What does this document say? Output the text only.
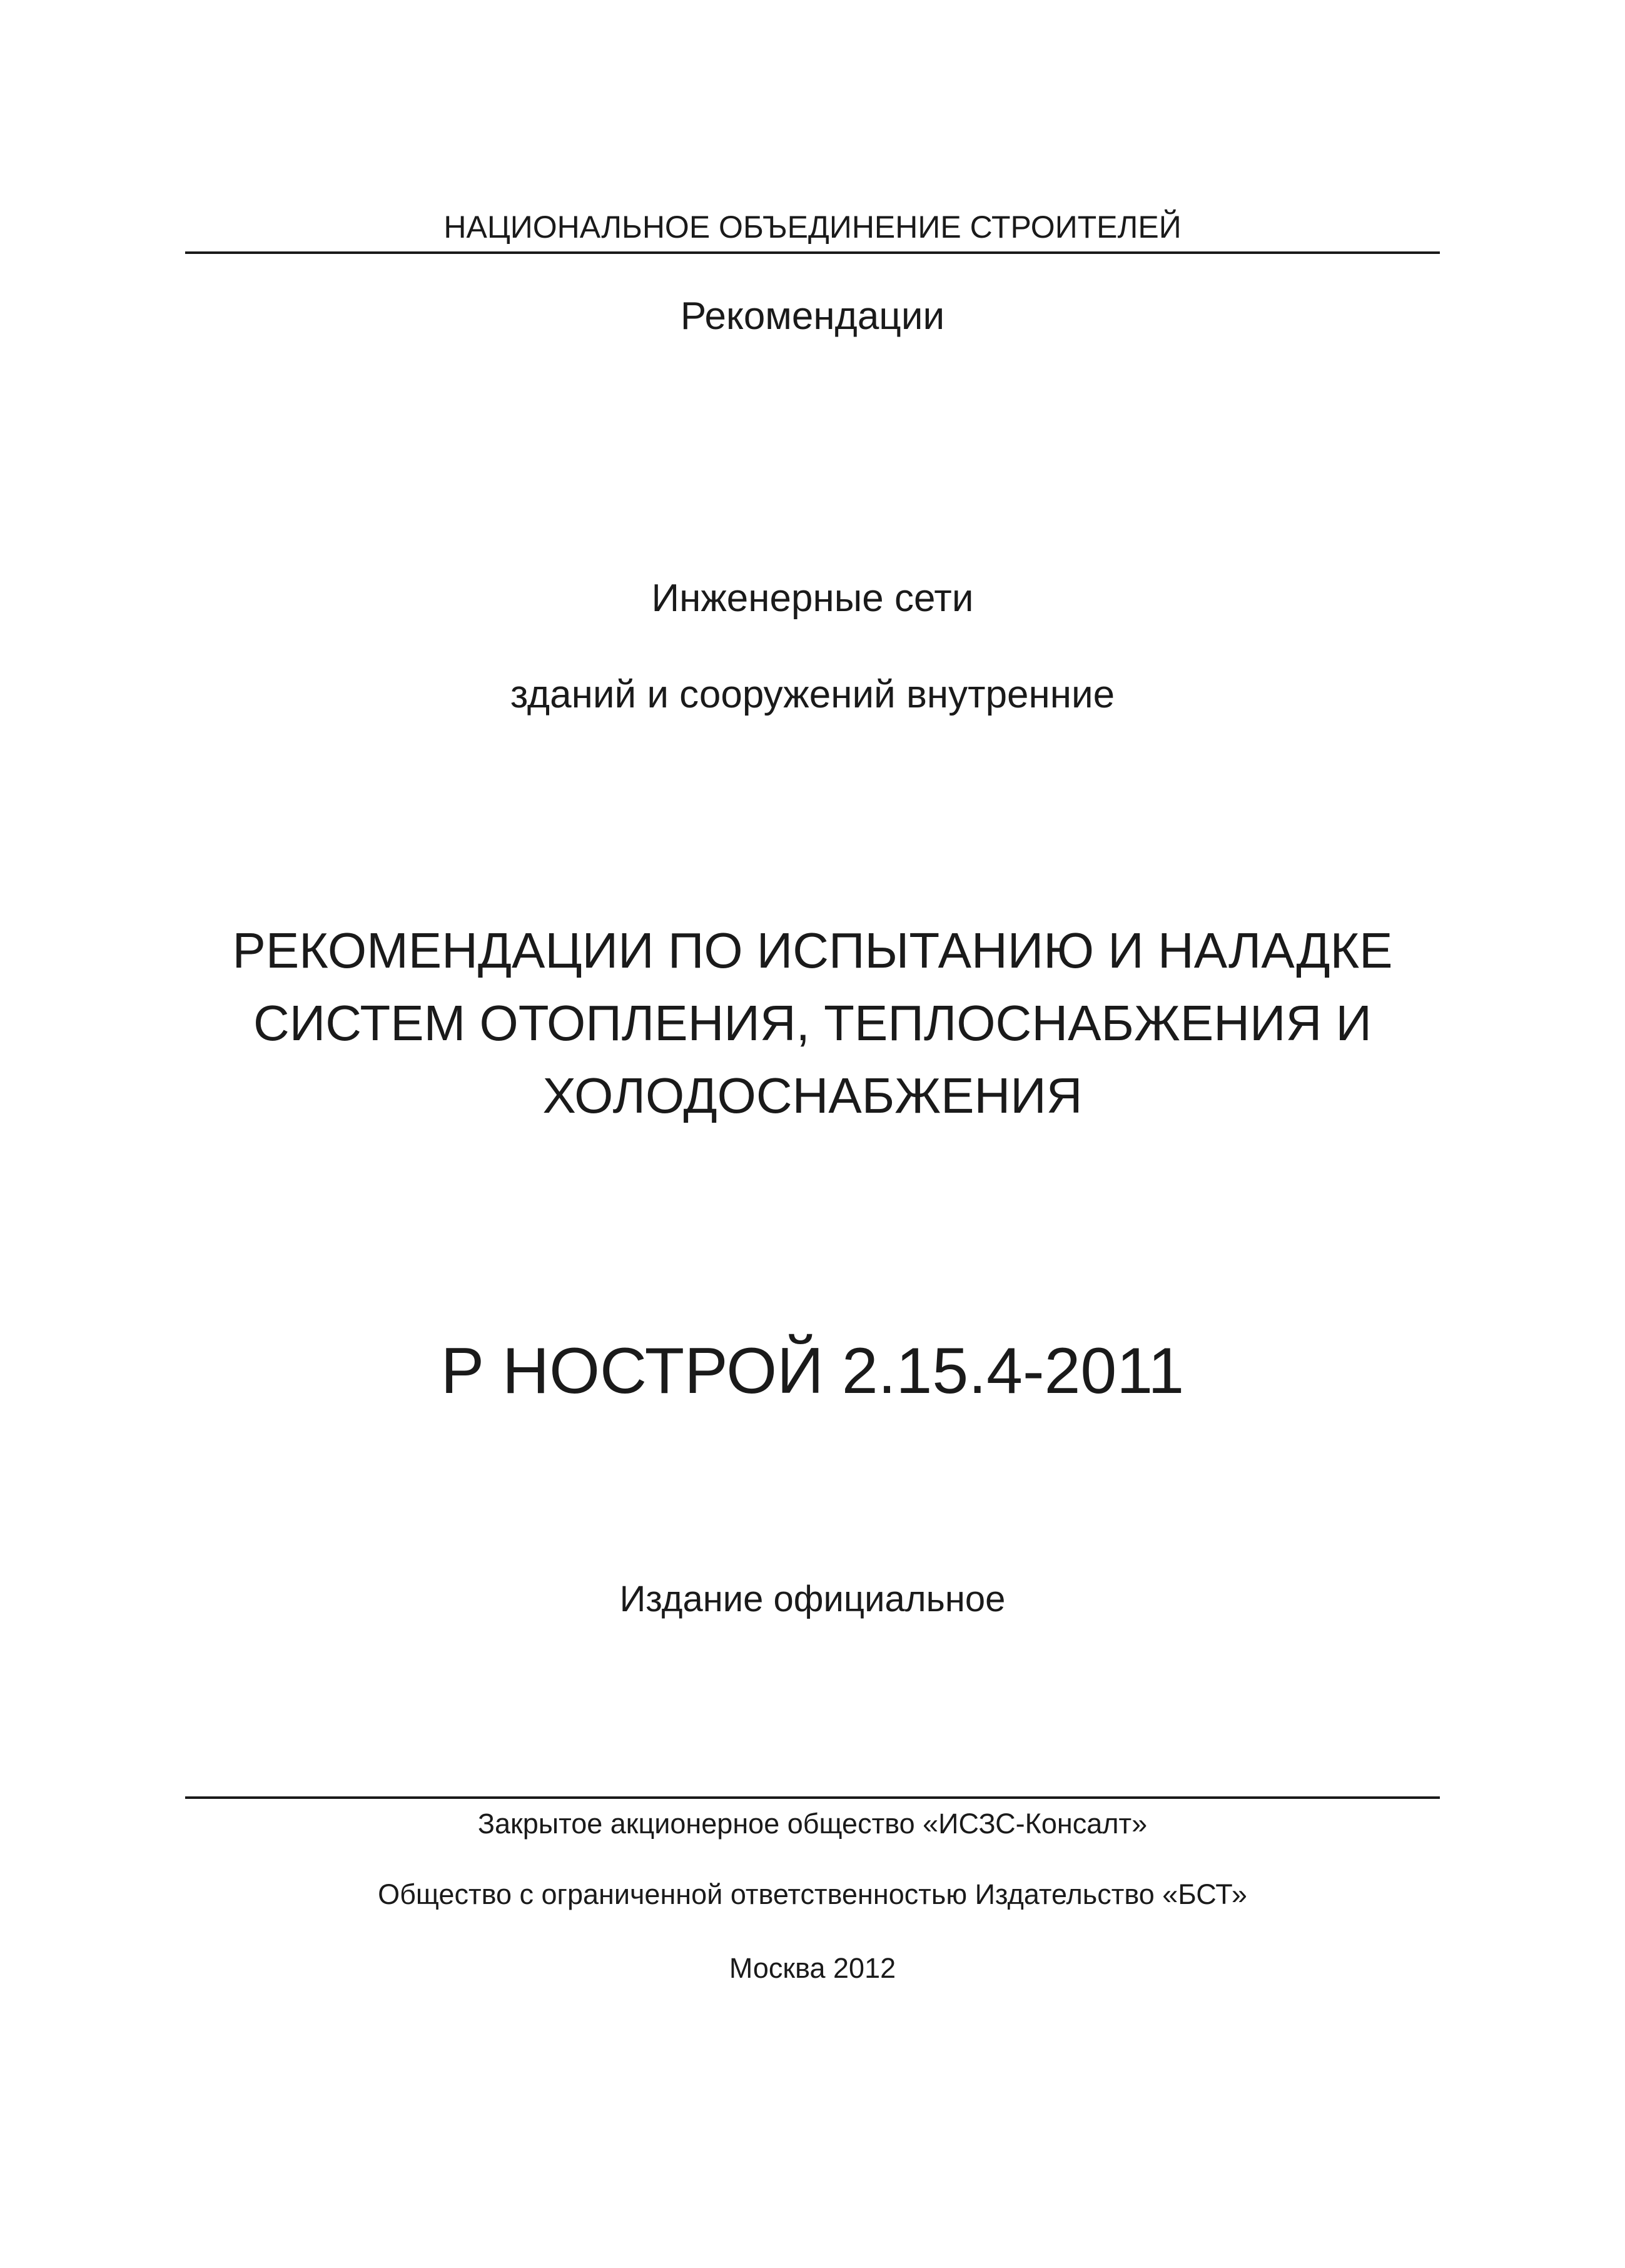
НАЦИОНАЛЬНОЕ ОБЪЕДИНЕНИЕ СТРОИТЕЛЕЙ
Рекомендации
Инженерные сети
зданий и сооружений внутренние
РЕКОМЕНДАЦИИ ПО ИСПЫТАНИЮ И НАЛАДКЕ
СИСТЕМ ОТОПЛЕНИЯ, ТЕПЛОСНАБЖЕНИЯ И
ХОЛОДОСНАБЖЕНИЯ
Р НОСТРОЙ 2.15.4-2011
Издание официальное
Закрытое акционерное общество «ИСЗС-Консалт»
Общество с ограниченной ответственностью Издательство «БСТ»
Москва 2012
